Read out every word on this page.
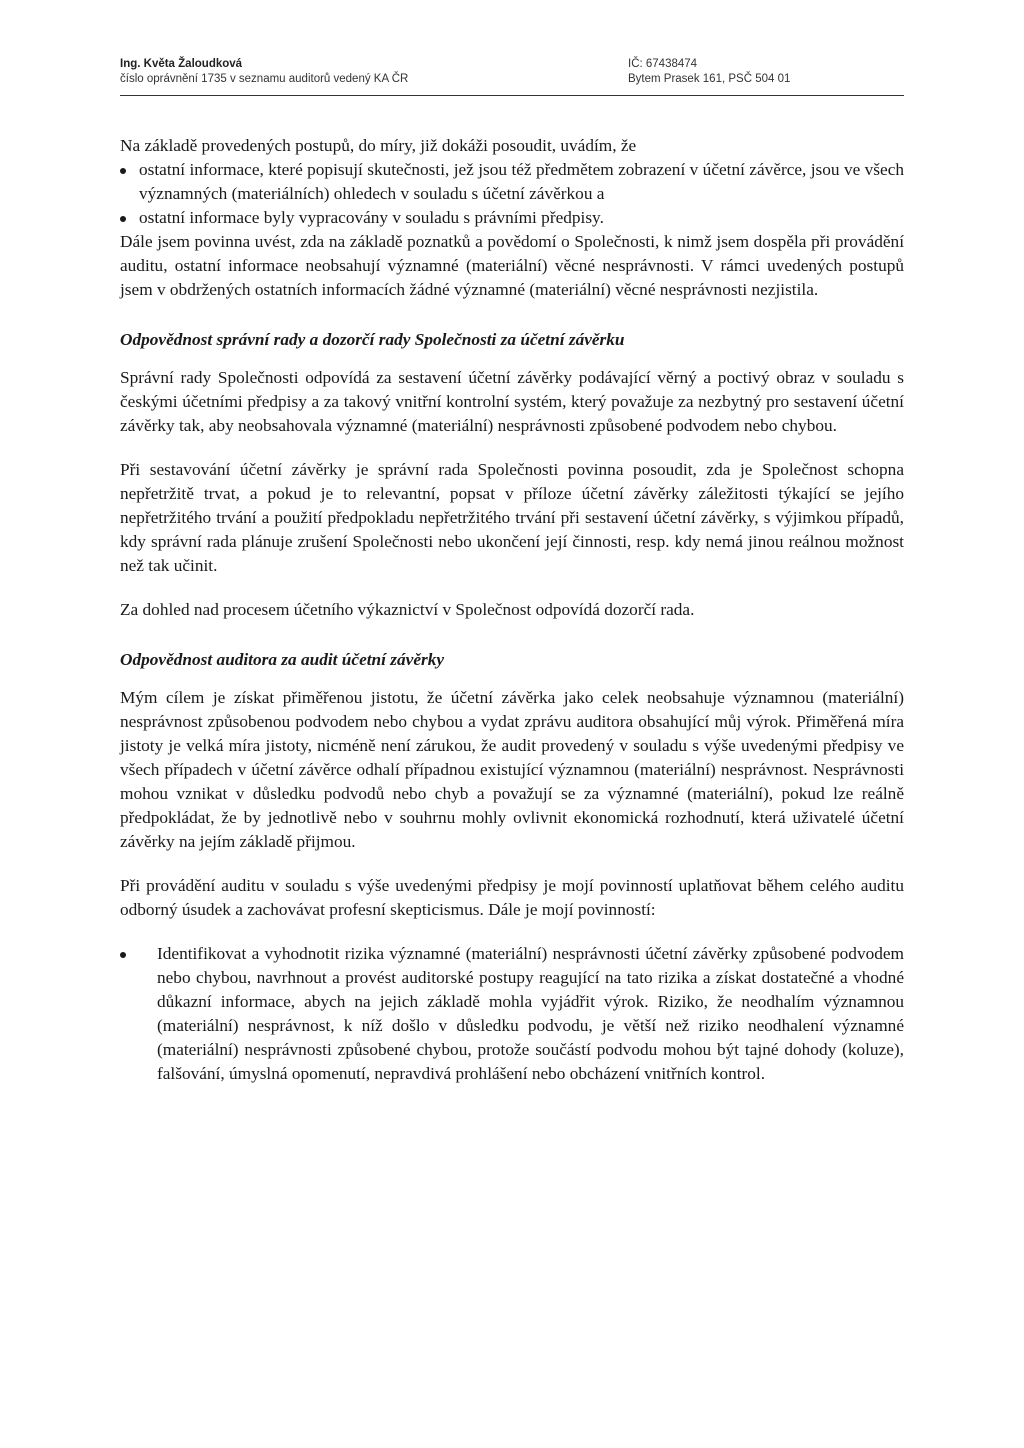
Ing. Květa Žaloudková
číslo oprávnění 1735 v seznamu auditorů vedený KA ČR
IČ: 67438474
Bytem Prasek 161, PSČ 504 01

Na základě provedených postupů, do míry, již dokáži posoudit, uvádím, že

ostatní informace, které popisují skutečnosti, jež jsou též předmětem zobrazení v účetní závěrce, jsou ve všech významných (materiálních) ohledech v souladu s účetní závěrkou a
ostatní informace byly vypracovány v souladu s právními předpisy.

Dále jsem povinna uvést, zda na základě poznatků a povědomí o Společnosti, k nimž jsem dospěla při provádění auditu, ostatní informace neobsahují významné (materiální) věcné nesprávnosti. V rámci uvedených postupů jsem v obdržených ostatních informacích žádné významné (materiální) věcné nesprávnosti nezjistila.

Odpovědnost správní rady a dozorčí rady Společnosti za účetní závěrku

Správní rady Společnosti odpovídá za sestavení účetní závěrky podávající věrný a poctivý obraz v souladu s českými účetními předpisy a za takový vnitřní kontrolní systém, který považuje za nezbytný pro sestavení účetní závěrky tak, aby neobsahovala významné (materiální) nesprávnosti způsobené podvodem nebo chybou.

Při sestavování účetní závěrky je správní rada Společnosti povinna posoudit, zda je Společnost schopna nepřetržitě trvat, a pokud je to relevantní, popsat v příloze účetní závěrky záležitosti týkající se jejího nepřetržitého trvání a použití předpokladu nepřetržitého trvání při sestavení účetní závěrky, s výjimkou případů, kdy správní rada plánuje zrušení Společnosti nebo ukončení její činnosti, resp. kdy nemá jinou reálnou možnost než tak učinit.

Za dohled nad procesem účetního výkaznictví v Společnost odpovídá dozorčí rada.

Odpovědnost auditora za audit účetní závěrky

Mým cílem je získat přiměřenou jistotu, že účetní závěrka jako celek neobsahuje významnou (materiální) nesprávnost způsobenou podvodem nebo chybou a vydat zprávu auditora obsahující můj výrok. Přiměřená míra jistoty je velká míra jistoty, nicméně není zárukou, že audit provedený v souladu s výše uvedenými předpisy ve všech případech v účetní závěrce odhalí případnou existující významnou (materiální) nesprávnost. Nesprávnosti mohou vznikat v důsledku podvodů nebo chyb a považují se za významné (materiální), pokud lze reálně předpokládat, že by jednotlivě nebo v souhrnu mohly ovlivnit ekonomická rozhodnutí, která uživatelé účetní závěrky na jejím základě přijmou.

Při provádění auditu v souladu s výše uvedenými předpisy je mojí povinností uplatňovat během celého auditu odborný úsudek a zachovávat profesní skepticismus. Dále je mojí povinností:

Identifikovat a vyhodnotit rizika významné (materiální) nesprávnosti účetní závěrky způsobené podvodem nebo chybou, navrhnout a provést auditorské postupy reagující na tato rizika a získat dostatečné a vhodné důkazní informace, abych na jejich základě mohla vyjádřit výrok. Riziko, že neodhalím významnou (materiální) nesprávnost, k níž došlo v důsledku podvodu, je větší než riziko neodhalení významné (materiální) nesprávnosti způsobené chybou, protože součástí podvodu mohou být tajné dohody (koluze), falšování, úmyslná opomenutí, nepravdivá prohlášení nebo obcházení vnitřních kontrol.
